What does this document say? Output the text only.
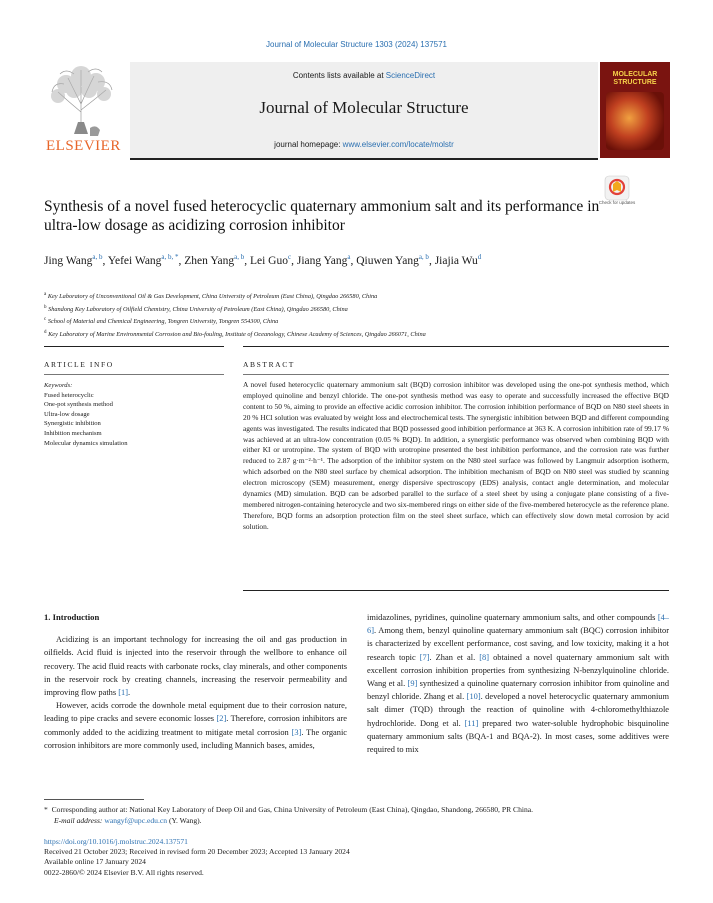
Journal of Molecular Structure 1303 (2024) 137571
ELSEVIER
Contents lists available at ScienceDirect
Journal of Molecular Structure
journal homepage: www.elsevier.com/locate/molstr
MOLECULAR STRUCTURE
Synthesis of a novel fused heterocyclic quaternary ammonium salt and its performance in ultra-low dosage as acidizing corrosion inhibitor
Check for updates
Jing Wang$^{a, b}$, Yefei Wang$^{a, b, *}$, Zhen Yang$^{a, b}$, Lei Guo$^c$, Jiang Yang$^a$, Qiuwen Yang$^{a, b}$, Jiajia Wu$^d$
$^a$ Key Laboratory of Unconventional Oil & Gas Development, China University of Petroleum (East China), Qingdao 266580, China
$^b$ Shandong Key Laboratory of Oilfield Chemistry, China University of Petroleum (East China), Qingdao 266580, China
$^c$ School of Material and Chemical Engineering, Tongren University, Tongren 554300, China
$^d$ Key Laboratory of Marine Environmental Corrosion and Bio-fouling, Institute of Oceanology, Chinese Academy of Sciences, Qingdao 266071, China
ARTICLE INFO	ABSTRACT
Keywords:
Fused heterocyclic
One-pot synthesis method
Ultra-low dosage
Synergistic inhibition
Inhibition mechanism
Molecular dynamics simulation
A novel fused heterocyclic quaternary ammonium salt (BQD) corrosion inhibitor was developed using the one-pot synthesis method, which employed quinoline and benzyl chloride. The one-pot synthesis method was easy to operate and successfully increased the effective BQD content to 50 %, aiming to provide an effective acidic corrosion inhibitor. The corrosion inhibition performance of BQD on N80 steel sheets in 20 % HCl solution was evaluated by weight loss and electrochemical tests. The synergistic inhibition between BQD and different compounding agents was investigated. The results indicated that BQD possessed good inhibition performance at 363 K. A corrosion inhibition rate of 99.17 % was achieved at an ultra-low concentration (0.05 % BQD). In addition, a synergistic performance was observed when combining BQD with either KI or urotropine. The system of BQD with urotropine presented the best inhibition performance, and the corrosion rate was further reduced to 2.87 g·m⁻²·h⁻¹. The adsorption of the inhibitor system on the N80 steel surface was followed by Langmuir adsorption isotherm, which adsorbed on the N80 steel surface by chemical adsorption. The inhibition mechanism of BQD on N80 steel was studied by scanning electron microscopy (SEM) measurement, energy dispersive spectroscopy (EDS) analysis, contact angle determination, and molecular dynamics (MD) simulation. BQD can be adsorbed parallel to the surface of a steel sheet by using a conjugate plane consisting of a five-membered nitrogen-containing heterocycle and two six-membered rings on either side of the five-membered heterocycle as the reference plane. Therefore, BQD forms an adsorption protection film on the steel sheet surface, which can effectively slow down metal corrosion by acid solution.

1. Introduction

Acidizing is an important technology for increasing the oil and gas production in oilfields. Acid fluid is injected into the reservoir through the wellbore to enhance oil recovery. The acid fluid reacts with carbonate rocks, clay minerals, and other components in the reservoir rock by creating channels, increasing the reservoir permeability and improving flow paths [1].

However, acids corrode the downhole metal equipment due to their corrosion nature, leading to pipe cracks and severe economic losses [2]. Therefore, corrosion inhibitors are commonly added to the acidizing treatment to mitigate metal corrosion [3]. The organic corrosion inhibitors are more commonly used, including Mannich bases, amides,

imidazolines, pyridines, quinoline quaternary ammonium salts, and other compounds [4–6]. Among them, benzyl quinoline quaternary ammonium salt (BQC) corrosion inhibitor is characterized by excellent performance, cost saving, and low toxicity, making it a hot research topic [7]. Zhan et al. [8] obtained a novel quaternary ammonium salt with excellent corrosion inhibition properties from synthesizing N-benzylquinoline chloride. Wang et al. [9] synthesized a quinoline quaternary corrosion inhibitor from quinoline and benzyl chloride. Zhang et al. [10]. developed a novel heterocyclic quaternary ammonium salt dimer (TQD) through the reaction of quinoline with 4-chloromethylthiazole hydrochloride. Dong et al. [11] prepared two water-soluble hydrophobic bisquinoline quaternary ammonium salts (BQA-1 and BQA-2). In most cases, some additives were required to mix

* Corresponding author at: National Key Laboratory of Deep Oil and Gas, China University of Petroleum (East China), Qingdao, Shandong, 266580, PR China.
E-mail address: wangyf@upc.edu.cn (Y. Wang).
https://doi.org/10.1016/j.molstruc.2024.137571
Received 21 October 2023; Received in revised form 20 December 2023; Accepted 13 January 2024
Available online 17 January 2024
0022-2860/© 2024 Elsevier B.V. All rights reserved.
